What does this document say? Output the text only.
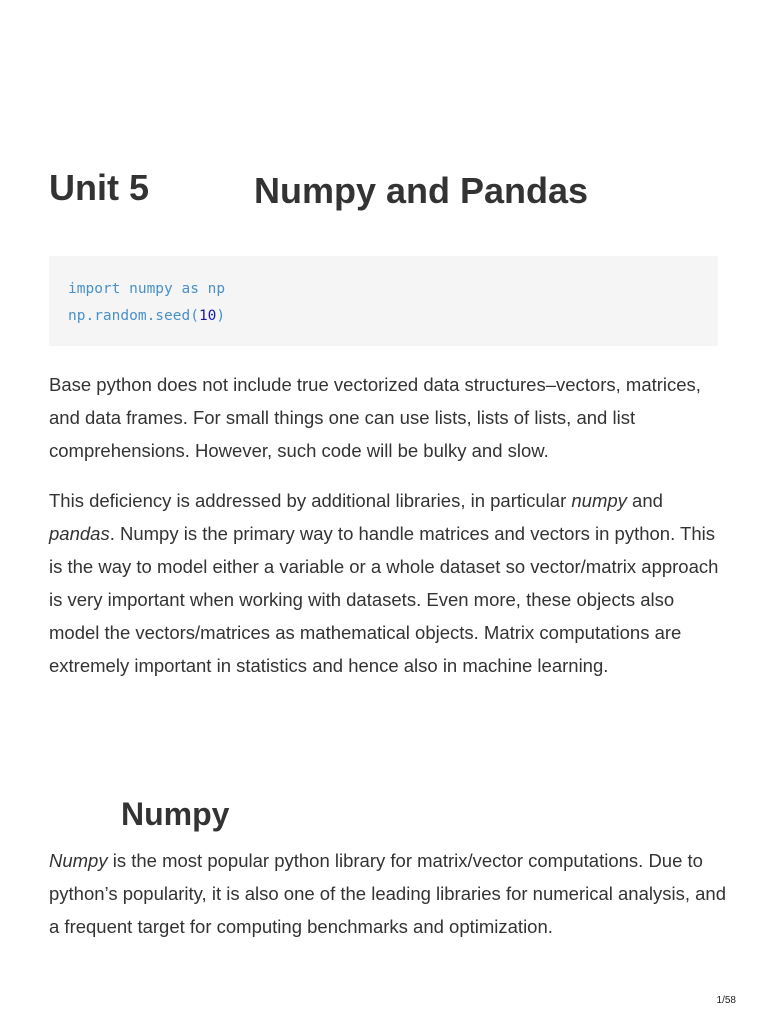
Unit 5	Numpy and Pandas
import numpy as np
np.random.seed(10)

Base python does not include true vectorized data structures–vectors, matrices, and data frames. For small things one can use lists, lists of lists, and list comprehensions. However, such code will be bulky and slow.

This deficiency is addressed by additional libraries, in particular numpy and pandas. Numpy is the primary way to handle matrices and vectors in python. This is the way to model either a variable or a whole dataset so vector/matrix approach is very important when working with datasets. Even more, these objects also model the vectors/matrices as mathematical objects. Matrix computations are extremely important in statistics and hence also in machine learning.

Numpy

Numpy is the most popular python library for matrix/vector computations. Due to python’s popularity, it is also one of the leading libraries for numerical analysis, and a frequent target for computing benchmarks and optimization.

1/58
